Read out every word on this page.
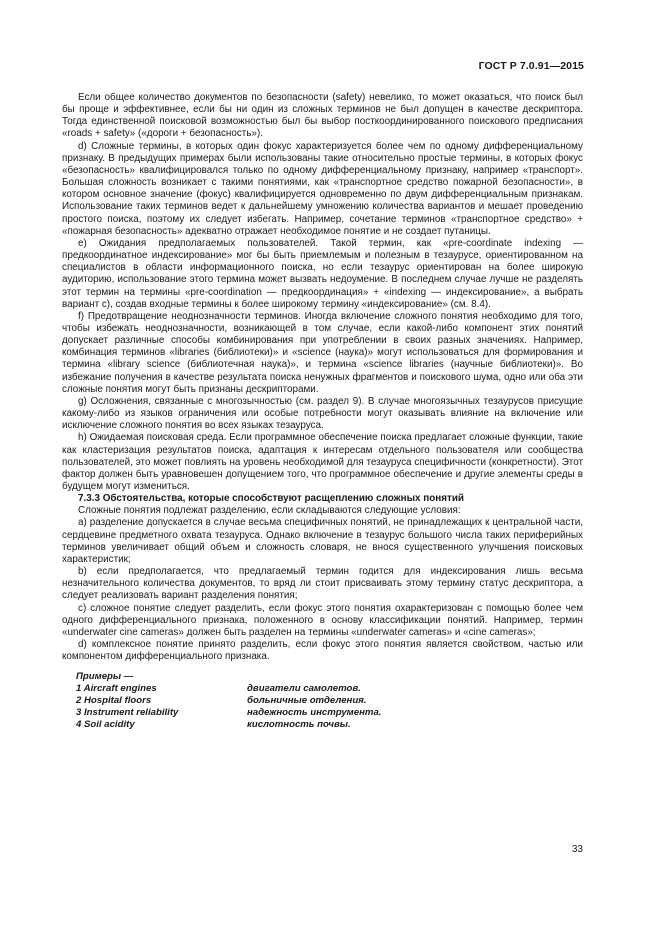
ГОСТ Р 7.0.91—2015

Если общее количество документов по безопасности (safety) невелико, то может оказаться, что поиск был бы проще и эффективнее, если бы ни один из сложных терминов не был допущен в качестве дескриптора. Тогда единственной поисковой возможностью был бы выбор посткоординированного поискового предписания «roads + safety» («дороги + безопасность»).

d) Сложные термины, в которых один фокус характеризуется более чем по одному дифференциальному признаку. В предыдущих примерах были использованы такие относительно простые термины, в которых фокус «безопасность» квалифицировался только по одному дифференциальному признаку, например «транспорт». Большая сложность возникает с такими понятиями, как «транспортное средство пожарной безопасности», в котором основное значение (фокус) квалифицируется одновременно по двум дифференциальным признакам. Использование таких терминов ведет к дальнейшему умножению количества вариантов и мешает проведению простого поиска, поэтому их следует избегать. Например, сочетание терминов «транспортное средство» + «пожарная безопасность» адекватно отражает необходимое понятие и не создает путаницы.

e) Ожидания предполагаемых пользователей. Такой термин, как «pre-coordinate indexing — предкоординатное индексирование» мог бы быть приемлемым и полезным в тезаурусе, ориентированном на специалистов в области информационного поиска, но если тезаурус ориентирован на более широкую аудиторию, использование этого термина может вызвать недоумение. В последнем случае лучше не разделять этот термин на термины «pre-coordination — предкоординация» + «indexing — индексирование», а выбрать вариант c), создав входные термины к более широкому термину «индексирование» (см. 8.4).

f) Предотвращение неоднозначности терминов. Иногда включение сложного понятия необходимо для того, чтобы избежать неоднозначности, возникающей в том случае, если какой-либо компонент этих понятий допускает различные способы комбинирования при употреблении в своих разных значениях. Например, комбинация терминов «libraries (библиотеки)» и «science (наука)» могут использоваться для формирования и термина «library science (библиотечная наука)», и термина «science libraries (научные библиотеки)». Во избежание получения в качестве результата поиска ненужных фрагментов и поискового шума, одно или оба эти сложные понятия могут быть признаны дескрипторами.

g) Осложнения, связанные с многозычностью (см. раздел 9). В случае многоязычных тезаурусов присущие какому-либо из языков ограничения или особые потребности могут оказывать влияние на включение или исключение сложного понятия во всех языках тезауруса.

h) Ожидаемая поисковая среда. Если программное обеспечение поиска предлагает сложные функции, такие как кластеризация результатов поиска, адаптация к интересам отдельного пользователя или сообщества пользователей, это может повлиять на уровень необходимой для тезауруса специфичности (конкретности). Этот фактор должен быть уравновешен допущением того, что программное обеспечение и другие элементы среды в будущем могут измениться.

7.3.3 Обстоятельства, которые способствуют расщеплению сложных понятий

Сложные понятия подлежат разделению, если складываются следующие условия:

a) разделение допускается в случае весьма специфичных понятий, не принадлежащих к центральной части, сердцевине предметного охвата тезауруса. Однако включение в тезаурус большого числа таких периферийных терминов увеличивает общий объем и сложность словаря, не внося существенного улучшения поисковых характеристик;

b) если предполагается, что предлагаемый термин годится для индексирования лишь весьма незначительного количества документов, то вряд ли стоит присваивать этому термину статус дескриптора, а следует реализовать вариант разделения понятия;

c) сложное понятие следует разделить, если фокус этого понятия охарактеризован с помощью более чем одного дифференциального признака, положенного в основу классификации понятий. Например, термин «underwater cine cameras» должен быть разделен на термины «underwater cameras» и «cine cameras»;

d) комплексное понятие принято разделить, если фокус этого понятия является свойством, частью или компонентом дифференциального признака.

Примеры —
1 Aircraft engines	двигатели самолетов.
2 Hospital floors	больничные отделения.
3 Instrument reliability	надежность инструмента.
4 Soil acidity	кислотность почвы.
33
